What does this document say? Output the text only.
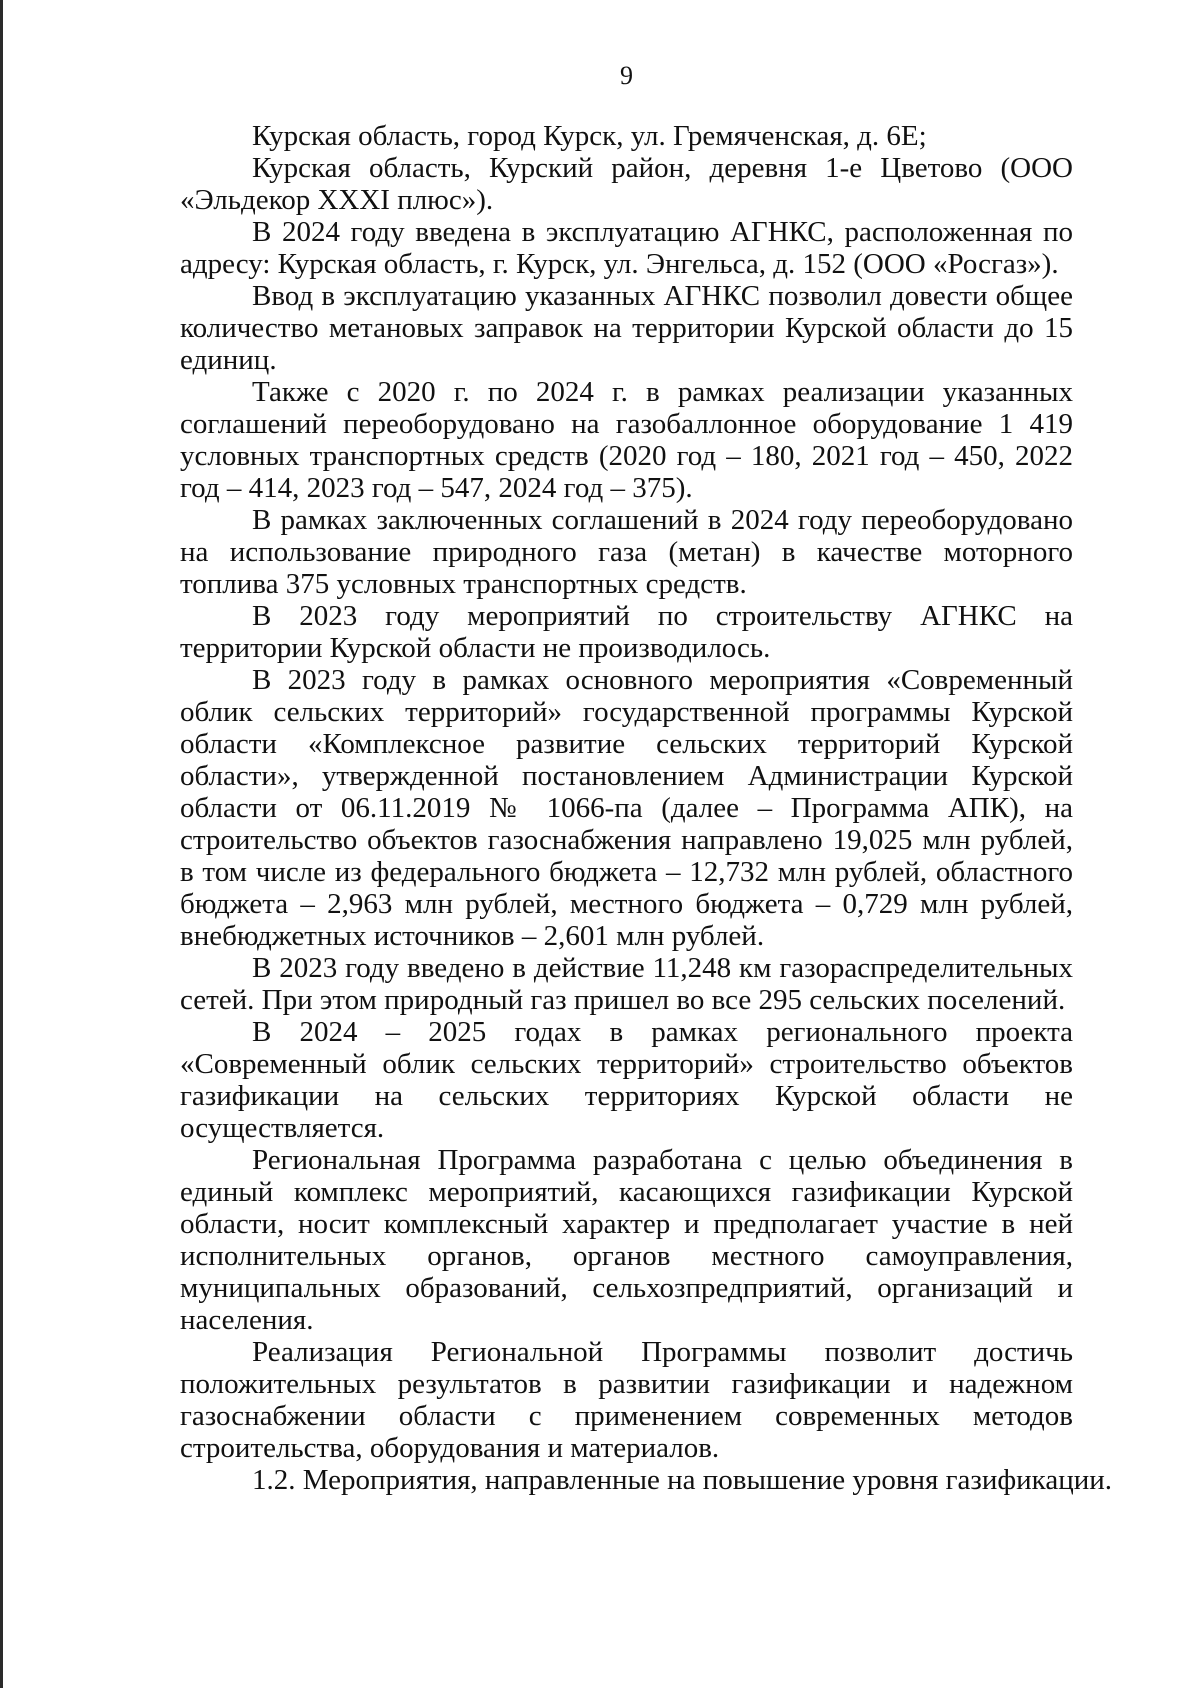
9

Курская область, город Курск, ул. Гремяченская, д. 6Е;

Курская область, Курский район, деревня 1-е Цветово (ООО «Эльдекор XXXI плюс»).

В 2024 году введена в эксплуатацию АГНКС, расположенная по адресу: Курская область, г. Курск, ул. Энгельса, д. 152 (ООО «Росгаз»).

Ввод в эксплуатацию указанных АГНКС позволил довести общее количество метановых заправок на территории Курской области до 15 единиц.

Также с 2020 г. по 2024 г. в рамках реализации указанных соглашений переоборудовано на газобаллонное оборудование 1 419 условных транспортных средств (2020 год – 180, 2021 год – 450, 2022 год – 414, 2023 год – 547, 2024 год – 375).

В рамках заключенных соглашений в 2024 году переоборудовано на использование природного газа (метан) в качестве моторного топлива 375 условных транспортных средств.

В 2023 году мероприятий по строительству АГНКС на территории Курской области не производилось.

В 2023 году в рамках основного мероприятия «Современный облик сельских территорий» государственной программы Курской области «Комплексное развитие сельских территорий Курской области», утвержденной постановлением Администрации Курской области от 06.11.2019 № 1066-па (далее – Программа АПК), на строительство объектов газоснабжения направлено 19,025 млн рублей, в том числе из федерального бюджета – 12,732 млн рублей, областного бюджета – 2,963 млн рублей, местного бюджета – 0,729 млн рублей, внебюджетных источников – 2,601 млн рублей.

В 2023 году введено в действие 11,248 км газораспределительных сетей. При этом природный газ пришел во все 295 сельских поселений.

В 2024 – 2025 годах в рамках регионального проекта «Современный облик сельских территорий» строительство объектов газификации на сельских территориях Курской области не осуществляется.

Региональная Программа разработана с целью объединения в единый комплекс мероприятий, касающихся газификации Курской области, носит комплексный характер и предполагает участие в ней исполнительных органов, органов местного самоуправления, муниципальных образований, сельхозпредприятий, организаций и населения.

Реализация Региональной Программы позволит достичь положительных результатов в развитии газификации и надежном газоснабжении области с применением современных методов строительства, оборудования и материалов.

1.2. Мероприятия, направленные на повышение уровня газификации.
